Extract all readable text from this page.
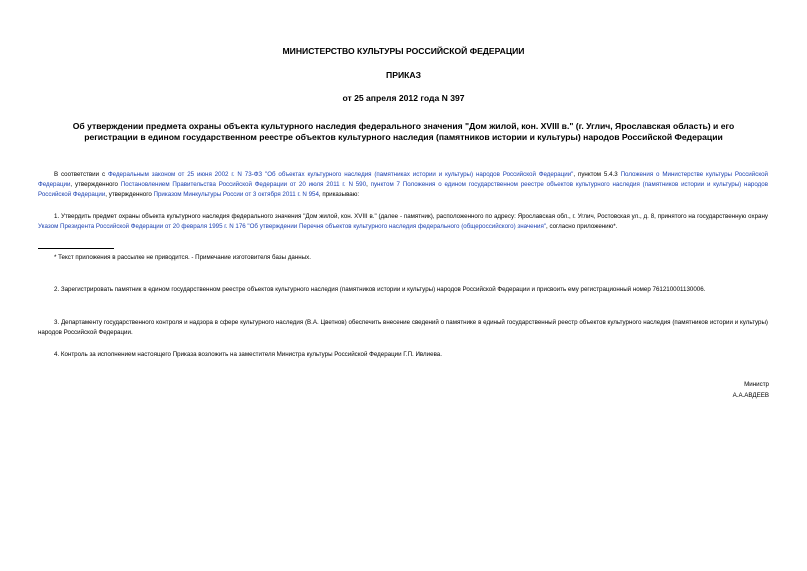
МИНИСТЕРСТВО КУЛЬТУРЫ РОССИЙСКОЙ ФЕДЕРАЦИИ
ПРИКАЗ
от 25 апреля 2012 года N 397
Об утверждении предмета охраны объекта культурного наследия федерального значения "Дом жилой, кон. XVIII в." (г. Углич, Ярославская область) и его регистрации в едином государственном реестре объектов культурного наследия (памятников истории и культуры) народов Российской Федерации
В соответствии с Федеральным законом от 25 июня 2002 г. N 73-ФЗ "Об объектах культурного наследия (памятниках истории и культуры) народов Российской Федерации", пунктом 5.4.3 Положения о Министерстве культуры Российской Федерации, утвержденного Постановлением Правительства Российской Федерации от 20 июля 2011 г. N 590, пунктом 7 Положения о едином государственном реестре объектов культурного наследия (памятников истории и культуры) народов Российской Федерации, утвержденного Приказом Минкультуры России от 3 октября 2011 г. N 954, приказываю:
1. Утвердить предмет охраны объекта культурного наследия федерального значения "Дом жилой, кон. XVIII в." (далее - памятник), расположенного по адресу: Ярославская обл., г. Углич, Ростовская ул., д. 8, принятого на государственную охрану Указом Президента Российской Федерации от 20 февраля 1995 г. N 176 "Об утверждении Перечня объектов культурного наследия федерального (общероссийского) значения", согласно приложению*.
* Текст приложения в рассылке не приводится. - Примечание изготовителя базы данных.
2. Зарегистрировать памятник в едином государственном реестре объектов культурного наследия (памятников истории и культуры) народов Российской Федерации и присвоить ему регистрационный номер 761210001130006.
3. Департаменту государственного контроля и надзора в сфере культурного наследия (В.А. Цветнов) обеспечить внесение сведений о памятнике в единый государственный реестр объектов культурного наследия (памятников истории и культуры) народов Российской Федерации.
4. Контроль за исполнением настоящего Приказа возложить на заместителя Министра культуры Российской Федерации Г.П. Ивлиева.
Министр
А.А.АВДЕЕВ
